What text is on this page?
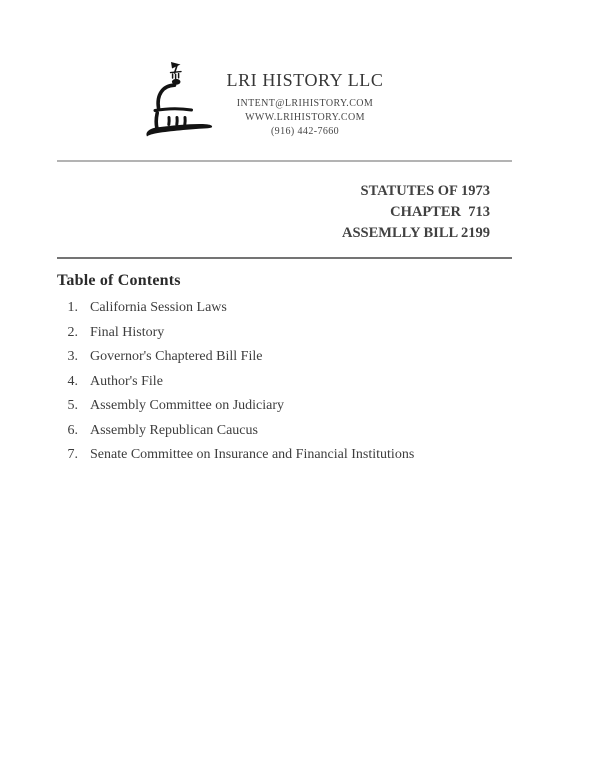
LRI HISTORY LLC
INTENT@LRIHISTORY.COM
WWW.LRIHISTORY.COM
(916) 442-7660
STATUTES OF 1973
CHAPTER  713
ASSEMLLY BILL 2199
Table of Contents
1. California Session Laws
2. Final History
3. Governor's Chaptered Bill File
4. Author's File
5. Assembly Committee on Judiciary
6. Assembly Republican Caucus
7. Senate Committee on Insurance and Financial Institutions
